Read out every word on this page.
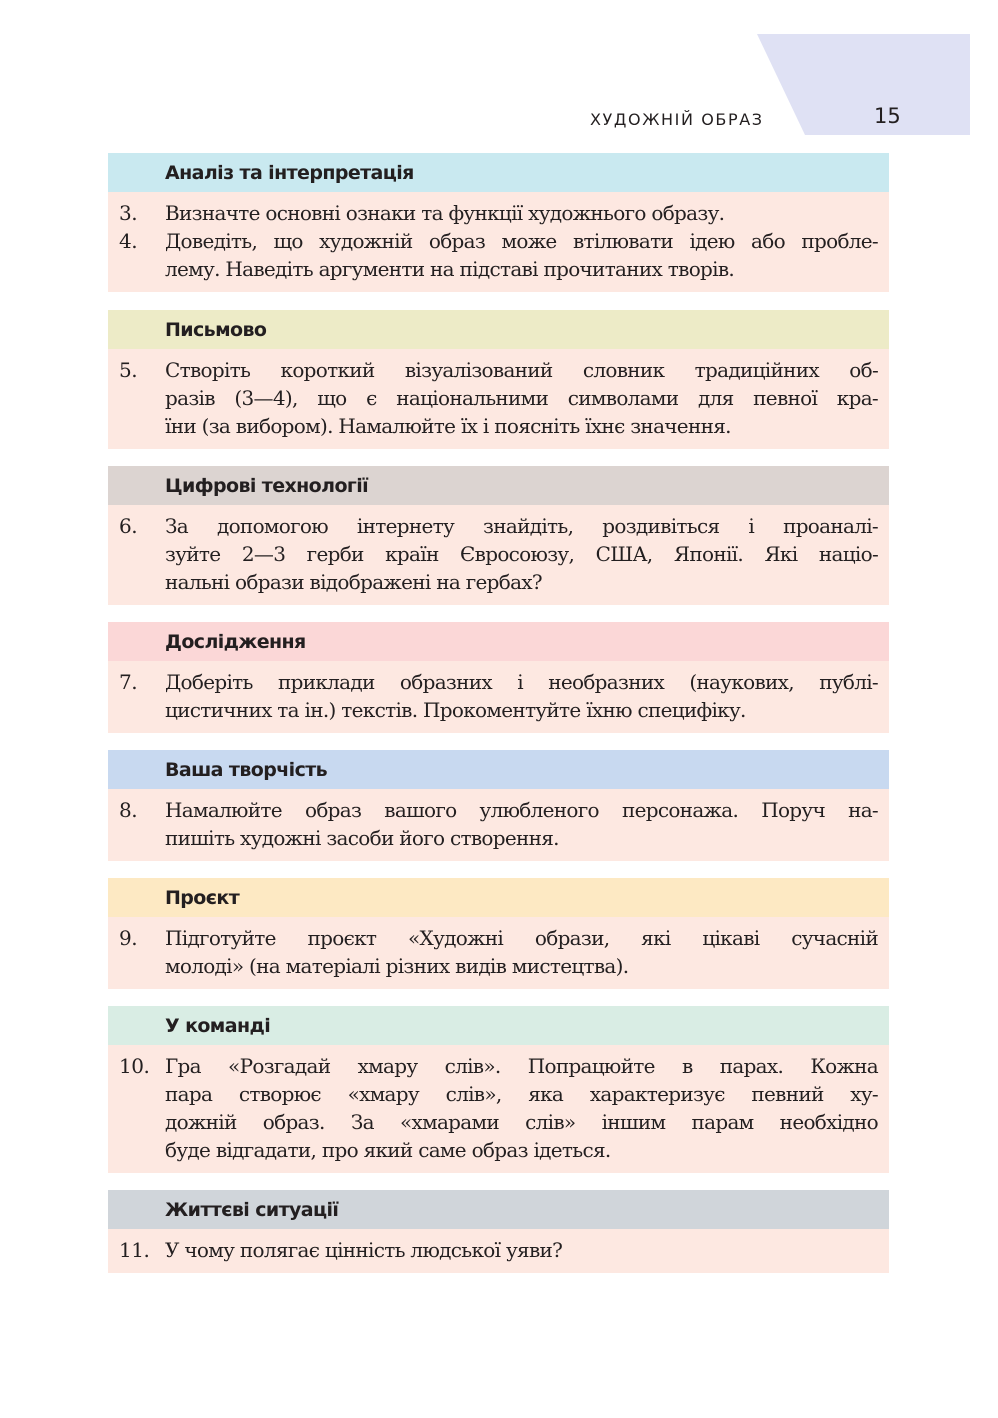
ХУДОЖНІЙ ОБРАЗ	15
Аналіз та інтерпретація
3. Визначте основні ознаки та функції художнього образу.
4. Доведіть, що художній образ може втілювати ідею або пробле-
лему. Наведіть аргументи на підставі прочитаних творів.
Письмово
5. Створіть короткий візуалізований словник традиційних об-
разів (3—4), що є національними символами для певної кра-
їни (за вибором). Намалюйте їх і поясніть їхнє значення.
Цифрові технології
6. За допомогою інтернету знайдіть, роздивіться і проаналі-
зуйте 2—3 герби країн Євросоюзу, США, Японії. Які націо-
нальні образи відображені на гербах?
Дослідження
7. Доберіть приклади образних і необразних (наукових, публі-
цистичних та ін.) текстів. Прокоментуйте їхню специфіку.
Ваша творчість
8. Намалюйте образ вашого улюбленого персонажа. Поруч на-
пишіть художні засоби його створення.
Проєкт
9. Підготуйте проєкт «Художні образи, які цікаві сучасній
молоді» (на матеріалі різних видів мистецтва).
У команді
10. Гра «Розгадай хмару слів». Попрацюйте в парах. Кожна
пара створює «хмару слів», яка характеризує певний ху-
дожній образ. За «хмарами слів» іншим парам необхідно
буде відгадати, про який саме образ ідеться.
Життєві ситуації
11. У чому полягає цінність людської уяви?
